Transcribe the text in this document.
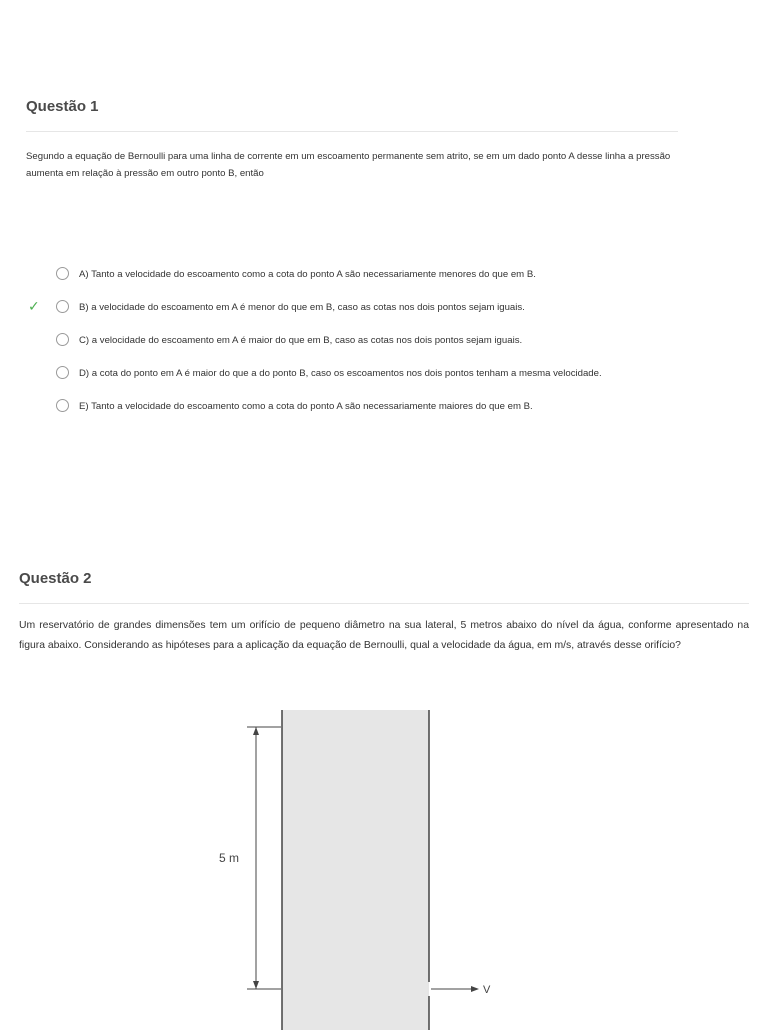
Questão 1
Segundo a equação de Bernoulli para uma linha de corrente em um escoamento permanente sem atrito, se em um dado ponto A desse linha a pressão aumenta em relação à pressão em outro ponto B, então
A) Tanto a velocidade do escoamento como a cota do ponto A são necessariamente menores do que em B.
✓	B) a velocidade do escoamento em A é menor do que em B, caso as cotas nos dois pontos sejam iguais.
C) a velocidade do escoamento em A é maior do que em B, caso as cotas nos dois pontos sejam iguais.
D) a cota do ponto em A é maior do que a do ponto B, caso os escoamentos nos dois pontos tenham a mesma velocidade.
E) Tanto a velocidade do escoamento como a cota do ponto A são necessariamente maiores do que em B.
Questão 2
Um reservatório de grandes dimensões tem um orifício de pequeno diâmetro na sua lateral, 5 metros abaixo do nível da água, conforme apresentado na figura abaixo. Considerando as hipóteses para a aplicação da equação de Bernoulli, qual a velocidade da água, em m/s, através desse orifício?
5 m
V
